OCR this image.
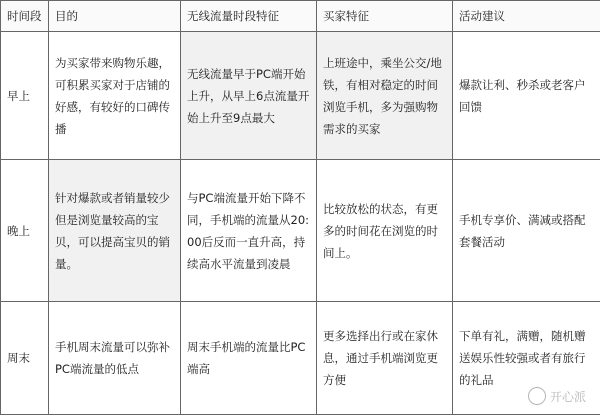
时间段	目的	无线流量时段特征	买家特征	活动建议
早上	为买家带来购物乐趣，可积累买家对于店铺的好感，有较好的口碑传播	无线流量早于PC端开始上升，从早上6点流量开始上升至9点最大	上班途中，乘坐公交/地铁，有相对稳定的时间浏览手机，多为强购物需求的买家	爆款让利、秒杀或老客户回馈
晚上	针对爆款或者销量较少但是浏览量较高的宝贝，可以提高宝贝的销量。	与PC端流量开始下降不同，手机端的流量从20:00后反而一直升高，持续高水平流量到凌晨	比较放松的状态，有更多的时间花在浏览的时间上。	手机专享价、满减或搭配套餐活动
周末	手机周末流量可以弥补PC端流量的低点	周末手机端的流量比PC端高	更多选择出行或在家休息，通过手机端浏览更方便	下单有礼，满赠，随机赠送娱乐性较强或者有旅行的礼品
开心派
